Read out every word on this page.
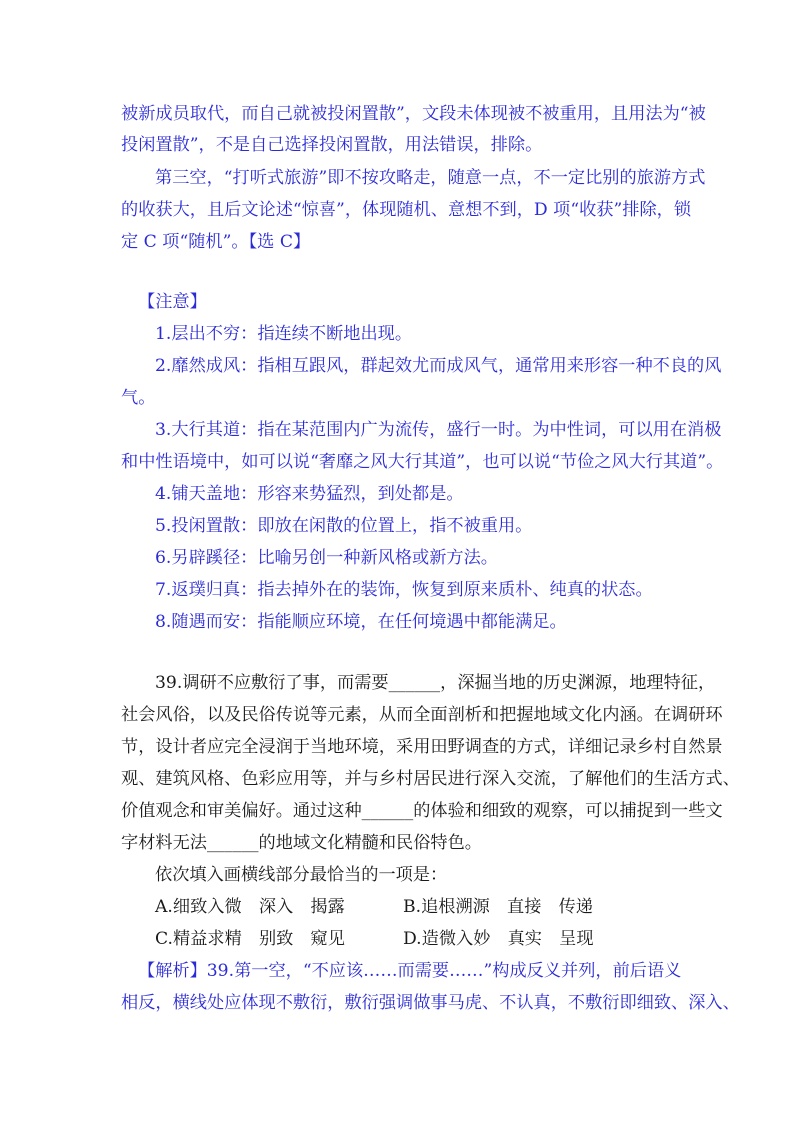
被新成员取代，而自己就被投闲置散”，文段未体现被不被重用，且用法为“被
投闲置散”，不是自己选择投闲置散，用法错误，排除。
第三空，“打听式旅游”即不按攻略走，随意一点，不一定比别的旅游方式
的收获大，且后文论述“惊喜”，体现随机、意想不到，D 项“收获”排除，锁
定 C 项“随机”。【选 C】
【注意】
1.层出不穷：指连续不断地出现。
2.靡然成风：指相互跟风，群起效尤而成风气，通常用来形容一种不良的风
气。
3.大行其道：指在某范围内广为流传，盛行一时。为中性词，可以用在消极
和中性语境中，如可以说“奢靡之风大行其道”，也可以说“节俭之风大行其道”。
4.铺天盖地：形容来势猛烈，到处都是。
5.投闲置散：即放在闲散的位置上，指不被重用。
6.另辟蹊径：比喻另创一种新风格或新方法。
7.返璞归真：指去掉外在的装饰，恢复到原来质朴、纯真的状态。
8.随遇而安：指能顺应环境，在任何境遇中都能满足。
39.调研不应敷衍了事，而需要______，深掘当地的历史渊源，地理特征，
社会风俗，以及民俗传说等元素，从而全面剖析和把握地域文化内涵。在调研环
节，设计者应完全浸润于当地环境，采用田野调查的方式，详细记录乡村自然景
观、建筑风格、色彩应用等，并与乡村居民进行深入交流，了解他们的生活方式、
价值观念和审美偏好。通过这种______的体验和细致的观察，可以捕捉到一些文
字材料无法______的地域文化精髓和民俗特色。
依次填入画横线部分最恰当的一项是：
A.细致入微　深入　揭露	B.追根溯源　直接　传递
C.精益求精　别致　窥见	D.造微入妙　真实　呈现
【解析】39.第一空，“不应该……而需要……”构成反义并列，前后语义
相反，横线处应体现不敷衍，敷衍强调做事马虎、不认真，不敷衍即细致、深入、
